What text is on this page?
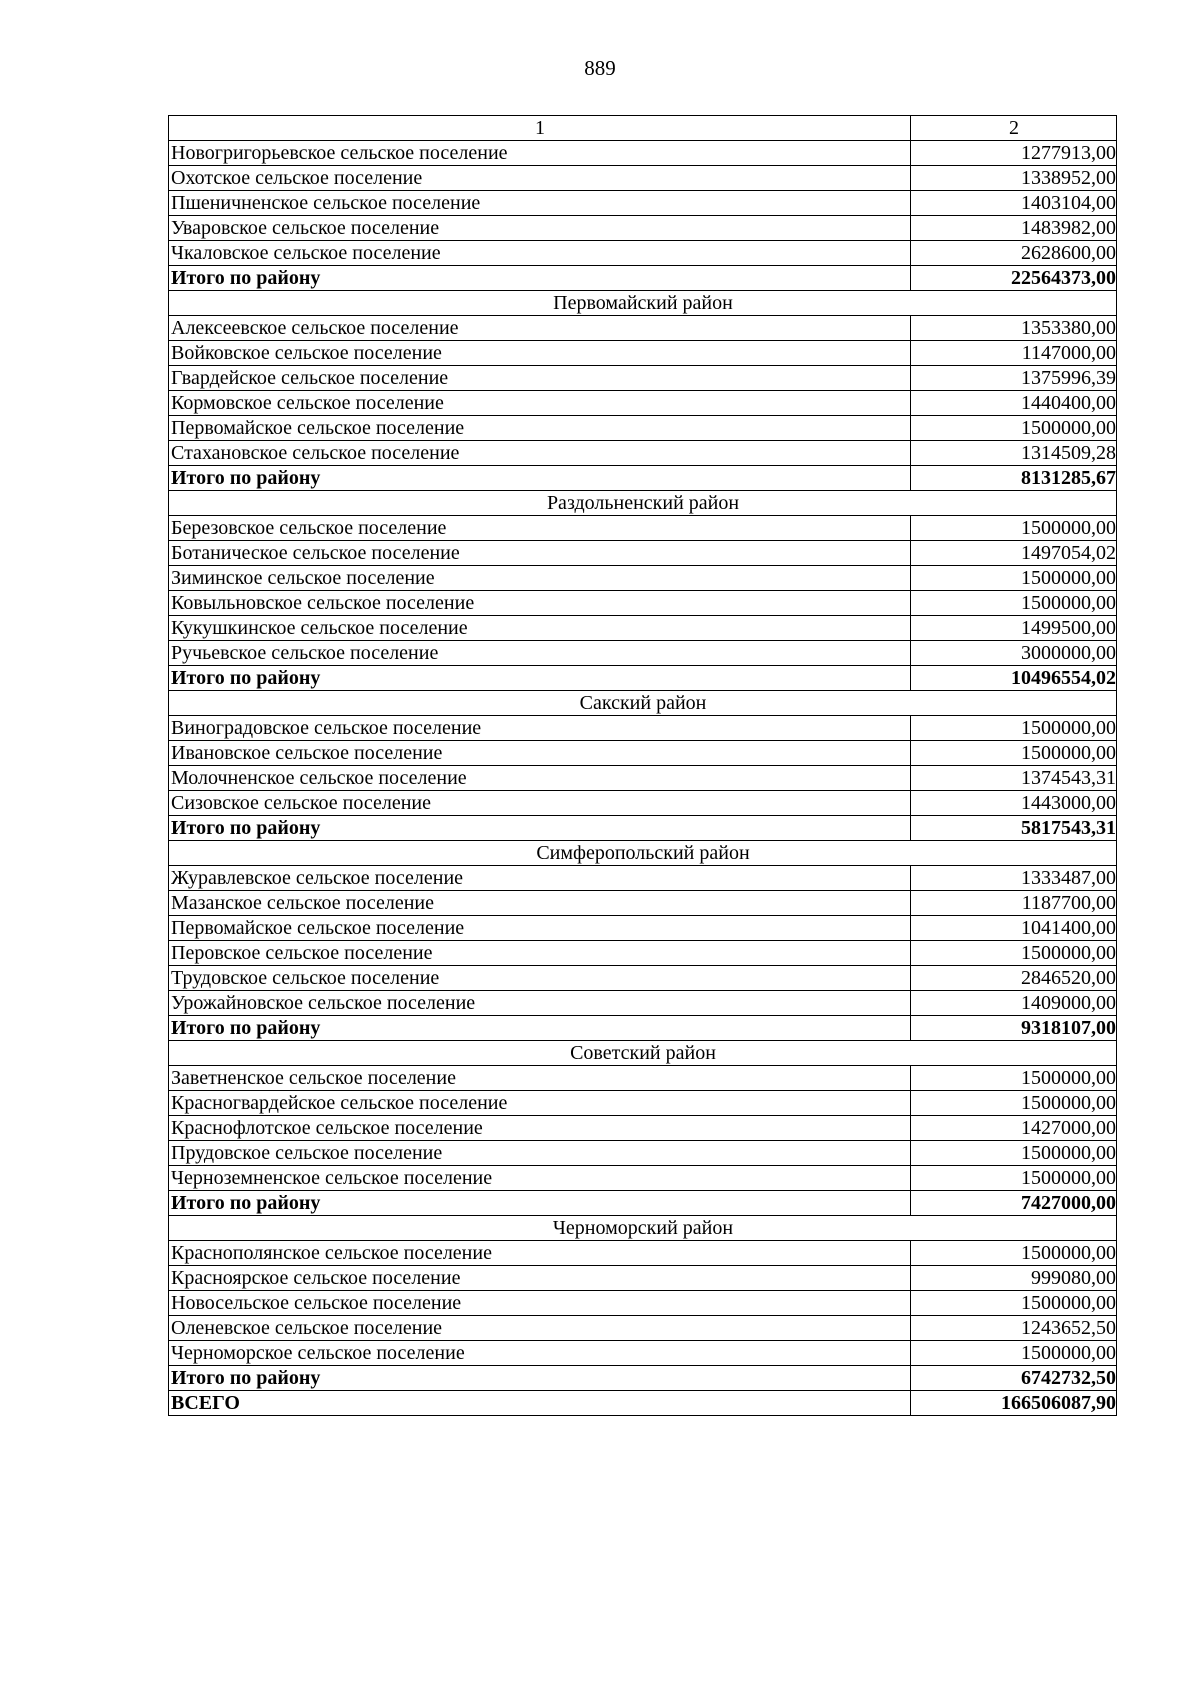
889
1	2
Новогригорьевское сельское поселение	1277913,00
Охотское сельское поселение	1338952,00
Пшеничненское сельское поселение	1403104,00
Уваровское сельское поселение	1483982,00
Чкаловское сельское поселение	2628600,00
Итого по району	22564373,00
Первомайский район	
Алексеевское сельское поселение	1353380,00
Войковское сельское поселение	1147000,00
Гвардейское сельское поселение	1375996,39
Кормовское сельское поселение	1440400,00
Первомайское сельское поселение	1500000,00
Стахановское сельское поселение	1314509,28
Итого по району	8131285,67
Раздольненский район	
Березовское сельское поселение	1500000,00
Ботаническое сельское поселение	1497054,02
Зиминское сельское поселение	1500000,00
Ковыльновское сельское поселение	1500000,00
Кукушкинское сельское поселение	1499500,00
Ручьевское сельское поселение	3000000,00
Итого по району	10496554,02
Сакский район	
Виноградовское сельское поселение	1500000,00
Ивановское сельское поселение	1500000,00
Молочненское сельское поселение	1374543,31
Сизовское сельское поселение	1443000,00
Итого по району	5817543,31
Симферопольский район	
Журавлевское сельское поселение	1333487,00
Мазанское сельское поселение	1187700,00
Первомайское сельское поселение	1041400,00
Перовское сельское поселение	1500000,00
Трудовское сельское поселение	2846520,00
Урожайновское сельское поселение	1409000,00
Итого по району	9318107,00
Советский район	
Заветненское сельское поселение	1500000,00
Красногвардейское сельское поселение	1500000,00
Краснофлотское сельское поселение	1427000,00
Прудовское сельское поселение	1500000,00
Черноземненское сельское поселение	1500000,00
Итого по району	7427000,00
Черноморский район	
Краснополянское сельское поселение	1500000,00
Красноярское сельское поселение	999080,00
Новосельское сельское поселение	1500000,00
Оленевское сельское поселение	1243652,50
Черноморское сельское поселение	1500000,00
Итого по району	6742732,50
ВСЕГО	166506087,90
